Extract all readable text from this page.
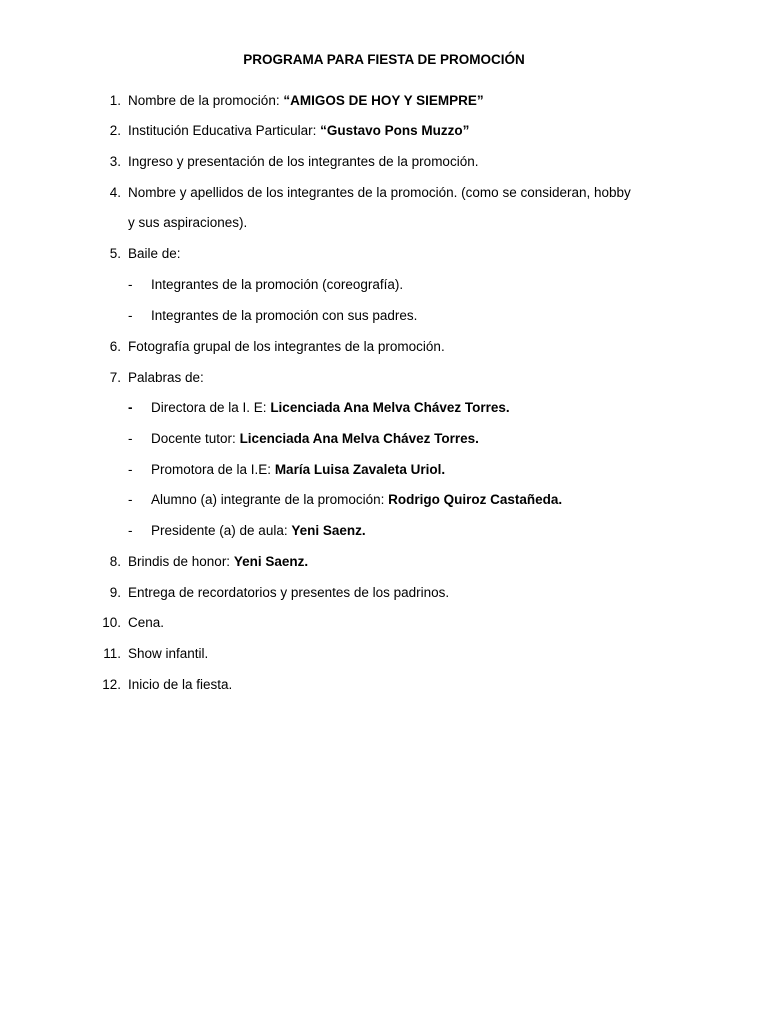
PROGRAMA PARA FIESTA DE PROMOCIÓN
1. Nombre de la promoción: “AMIGOS DE HOY Y SIEMPRE”
2. Institución Educativa Particular: “Gustavo Pons Muzzo”
3. Ingreso y presentación de los integrantes de la promoción.
4. Nombre y apellidos de los integrantes de la promoción. (como se consideran, hobby
y sus aspiraciones).
5. Baile de:
- Integrantes de la promoción (coreografía).
- Integrantes de la promoción con sus padres.
6. Fotografía grupal de los integrantes de la promoción.
7. Palabras de:
- Directora de la I. E: Licenciada Ana Melva Chávez Torres.
- Docente tutor: Licenciada Ana Melva Chávez Torres.
- Promotora de la I.E: María Luisa Zavaleta Uriol.
- Alumno (a) integrante de la promoción: Rodrigo Quiroz Castañeda.
- Presidente (a) de aula: Yeni Saenz.
8. Brindis de honor: Yeni Saenz.
9. Entrega de recordatorios y presentes de los padrinos.
10. Cena.
11. Show infantil.
12. Inicio de la fiesta.
